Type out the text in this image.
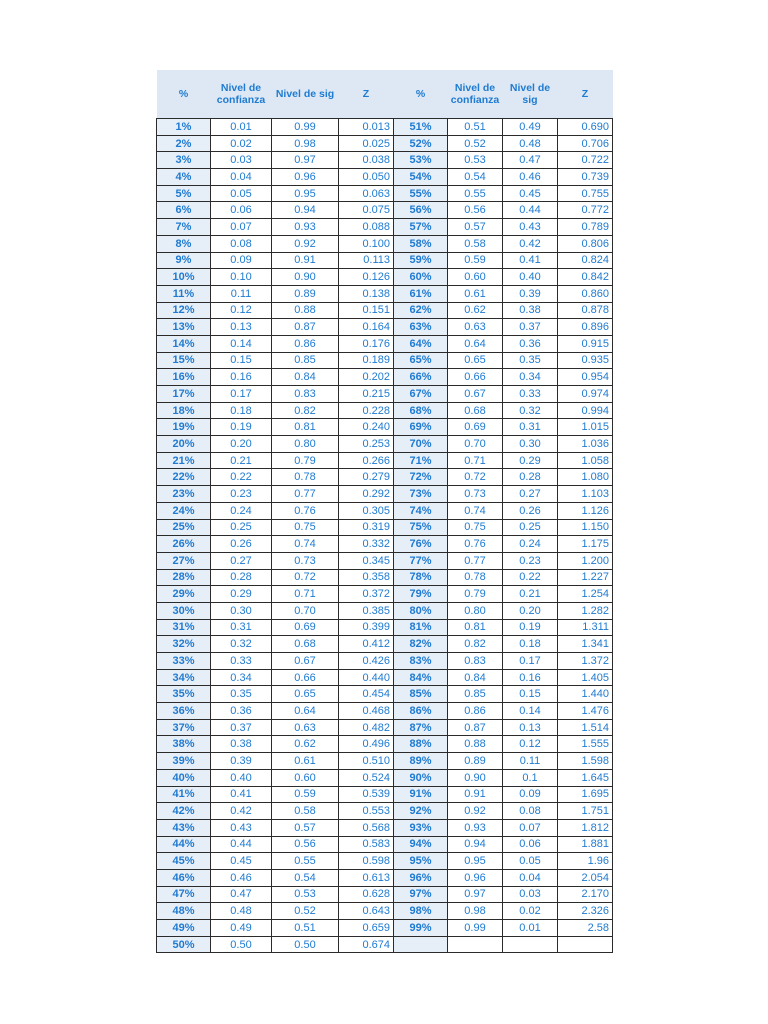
%	Nivel de confianza	Nivel de sig	Z	%	Nivel de confianza	Nivel de sig	Z
1%	0.01	0.99	0.013	51%	0.51	0.49	0.690
2%	0.02	0.98	0.025	52%	0.52	0.48	0.706
3%	0.03	0.97	0.038	53%	0.53	0.47	0.722
4%	0.04	0.96	0.050	54%	0.54	0.46	0.739
5%	0.05	0.95	0.063	55%	0.55	0.45	0.755
6%	0.06	0.94	0.075	56%	0.56	0.44	0.772
7%	0.07	0.93	0.088	57%	0.57	0.43	0.789
8%	0.08	0.92	0.100	58%	0.58	0.42	0.806
9%	0.09	0.91	0.113	59%	0.59	0.41	0.824
10%	0.10	0.90	0.126	60%	0.60	0.40	0.842
11%	0.11	0.89	0.138	61%	0.61	0.39	0.860
12%	0.12	0.88	0.151	62%	0.62	0.38	0.878
13%	0.13	0.87	0.164	63%	0.63	0.37	0.896
14%	0.14	0.86	0.176	64%	0.64	0.36	0.915
15%	0.15	0.85	0.189	65%	0.65	0.35	0.935
16%	0.16	0.84	0.202	66%	0.66	0.34	0.954
17%	0.17	0.83	0.215	67%	0.67	0.33	0.974
18%	0.18	0.82	0.228	68%	0.68	0.32	0.994
19%	0.19	0.81	0.240	69%	0.69	0.31	1.015
20%	0.20	0.80	0.253	70%	0.70	0.30	1.036
21%	0.21	0.79	0.266	71%	0.71	0.29	1.058
22%	0.22	0.78	0.279	72%	0.72	0.28	1.080
23%	0.23	0.77	0.292	73%	0.73	0.27	1.103
24%	0.24	0.76	0.305	74%	0.74	0.26	1.126
25%	0.25	0.75	0.319	75%	0.75	0.25	1.150
26%	0.26	0.74	0.332	76%	0.76	0.24	1.175
27%	0.27	0.73	0.345	77%	0.77	0.23	1.200
28%	0.28	0.72	0.358	78%	0.78	0.22	1.227
29%	0.29	0.71	0.372	79%	0.79	0.21	1.254
30%	0.30	0.70	0.385	80%	0.80	0.20	1.282
31%	0.31	0.69	0.399	81%	0.81	0.19	1.311
32%	0.32	0.68	0.412	82%	0.82	0.18	1.341
33%	0.33	0.67	0.426	83%	0.83	0.17	1.372
34%	0.34	0.66	0.440	84%	0.84	0.16	1.405
35%	0.35	0.65	0.454	85%	0.85	0.15	1.440
36%	0.36	0.64	0.468	86%	0.86	0.14	1.476
37%	0.37	0.63	0.482	87%	0.87	0.13	1.514
38%	0.38	0.62	0.496	88%	0.88	0.12	1.555
39%	0.39	0.61	0.510	89%	0.89	0.11	1.598
40%	0.40	0.60	0.524	90%	0.90	0.1	1.645
41%	0.41	0.59	0.539	91%	0.91	0.09	1.695
42%	0.42	0.58	0.553	92%	0.92	0.08	1.751
43%	0.43	0.57	0.568	93%	0.93	0.07	1.812
44%	0.44	0.56	0.583	94%	0.94	0.06	1.881
45%	0.45	0.55	0.598	95%	0.95	0.05	1.96
46%	0.46	0.54	0.613	96%	0.96	0.04	2.054
47%	0.47	0.53	0.628	97%	0.97	0.03	2.170
48%	0.48	0.52	0.643	98%	0.98	0.02	2.326
49%	0.49	0.51	0.659	99%	0.99	0.01	2.58
50%	0.50	0.50	0.674				
